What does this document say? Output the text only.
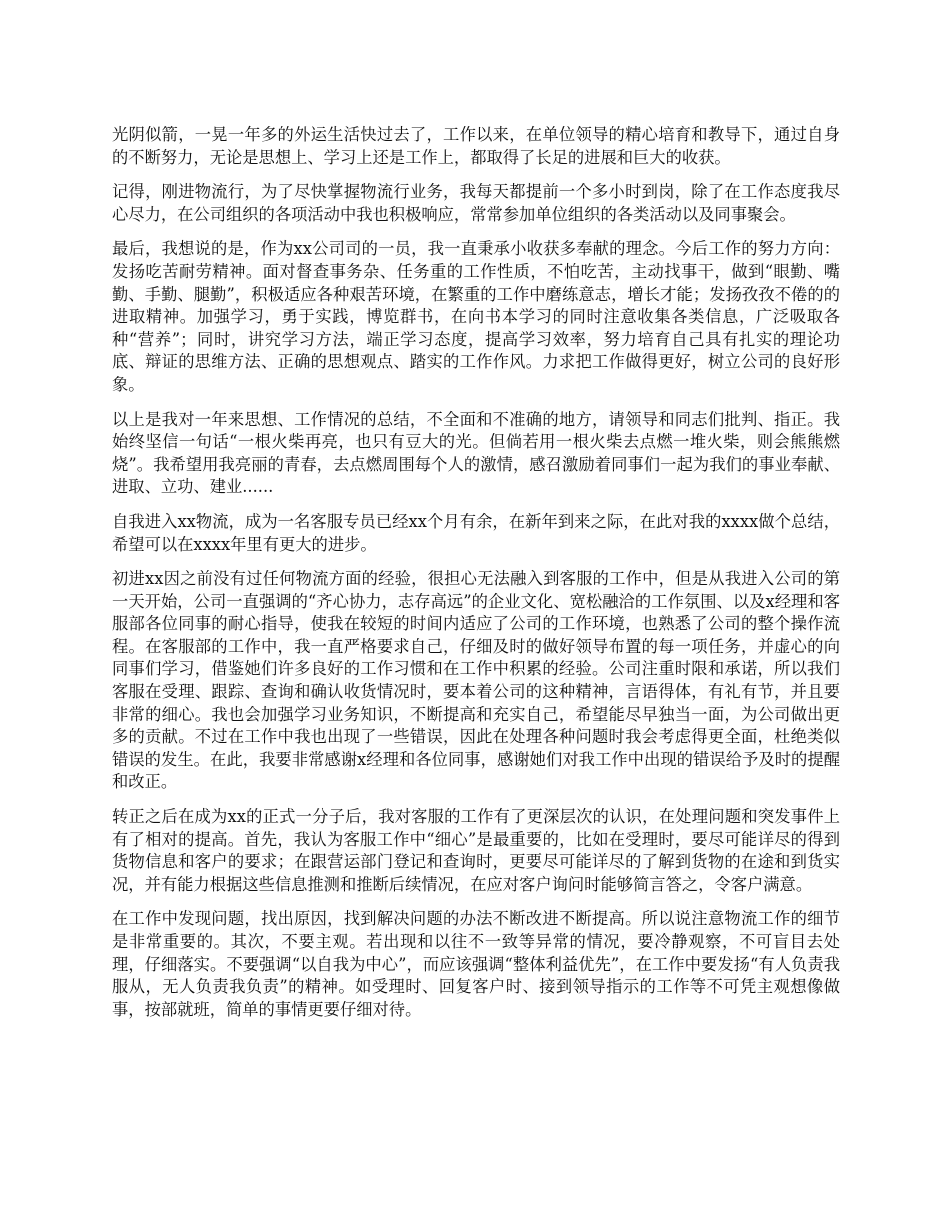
光阴似箭，一晃一年多的外运生活快过去了，工作以来，在单位领导的精心培育和教导下，通过自身的不断努力，无论是思想上、学习上还是工作上，都取得了长足的进展和巨大的收获。

记得，刚进物流行，为了尽快掌握物流行业务，我每天都提前一个多小时到岗，除了在工作态度我尽心尽力，在公司组织的各项活动中我也积极响应，常常参加单位组织的各类活动以及同事聚会。

最后，我想说的是，作为xx公司司的一员，我一直秉承小收获多奉献的理念。今后工作的努力方向：发扬吃苦耐劳精神。面对督查事务杂、任务重的工作性质，不怕吃苦，主动找事干，做到“眼勤、嘴勤、手勤、腿勤”，积极适应各种艰苦环境，在繁重的工作中磨练意志，增长才能；发扬孜孜不倦的的进取精神。加强学习，勇于实践，博览群书，在向书本学习的同时注意收集各类信息，广泛吸取各种“营养”；同时，讲究学习方法，端正学习态度，提高学习效率，努力培育自己具有扎实的理论功底、辩证的思维方法、正确的思想观点、踏实的工作作风。力求把工作做得更好，树立公司的良好形象。

以上是我对一年来思想、工作情况的总结，不全面和不准确的地方，请领导和同志们批判、指正。我始终坚信一句话“一根火柴再亮，也只有豆大的光。但倘若用一根火柴去点燃一堆火柴，则会熊熊燃烧”。我希望用我亮丽的青春，去点燃周围每个人的激情，感召激励着同事们一起为我们的事业奉献、进取、立功、建业......

自我进入xx物流，成为一名客服专员已经xx个月有余，在新年到来之际，在此对我的xxxx做个总结，希望可以在xxxx年里有更大的进步。

初进xx因之前没有过任何物流方面的经验，很担心无法融入到客服的工作中，但是从我进入公司的第一天开始，公司一直强调的“齐心协力，志存高远”的企业文化、宽松融洽的工作氛围、以及x经理和客服部各位同事的耐心指导，使我在较短的时间内适应了公司的工作环境，也熟悉了公司的整个操作流程。在客服部的工作中，我一直严格要求自己，仔细及时的做好领导布置的每一项任务，并虚心的向同事们学习，借鉴她们许多良好的工作习惯和在工作中积累的经验。公司注重时限和承诺，所以我们客服在受理、跟踪、查询和确认收货情况时，要本着公司的这种精神，言语得体，有礼有节，并且要非常的细心。我也会加强学习业务知识，不断提高和充实自己，希望能尽早独当一面，为公司做出更多的贡献。不过在工作中我也出现了一些错误，因此在处理各种问题时我会考虑得更全面，杜绝类似错误的发生。在此，我要非常感谢x经理和各位同事，感谢她们对我工作中出现的错误给予及时的提醒和改正。

转正之后在成为xx的正式一分子后，我对客服的工作有了更深层次的认识，在处理问题和突发事件上有了相对的提高。首先，我认为客服工作中“细心”是最重要的，比如在受理时，要尽可能详尽的得到货物信息和客户的要求；在跟营运部门登记和查询时，更要尽可能详尽的了解到货物的在途和到货实况，并有能力根据这些信息推测和推断后续情况，在应对客户询问时能够简言答之，令客户满意。

在工作中发现问题，找出原因，找到解决问题的办法不断改进不断提高。所以说注意物流工作的细节是非常重要的。其次，不要主观。若出现和以往不一致等异常的情况，要冷静观察，不可盲目去处理，仔细落实。不要强调“以自我为中心”，而应该强调“整体利益优先”，在工作中要发扬“有人负责我服从，无人负责我负责”的精神。如受理时、回复客户时、接到领导指示的工作等不可凭主观想像做事，按部就班，简单的事情更要仔细对待。
